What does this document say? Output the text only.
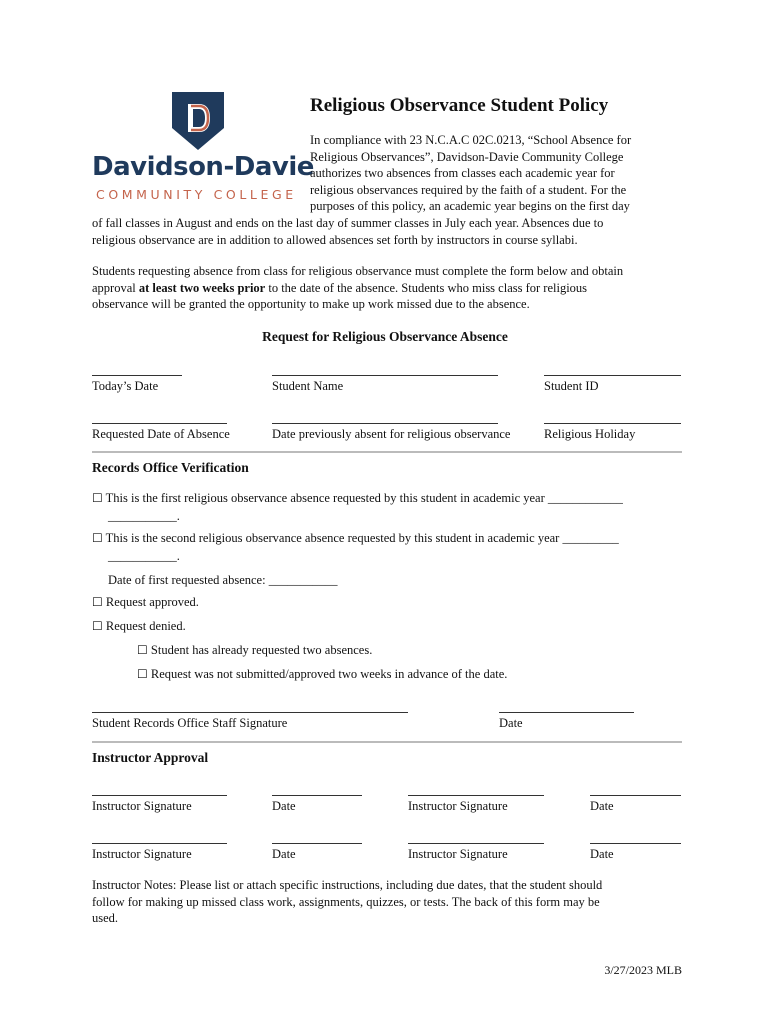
Davidson-Davie
COMMUNITY COLLEGE
Religious Observance Student Policy
In compliance with 23 N.C.A.C 02C.0213, “School Absence for
Religious Observances”, Davidson-Davie Community College
authorizes two absences from classes each academic year for
religious observances required by the faith of a student. For the
purposes of this policy, an academic year begins on the first day
of fall classes in August and ends on the last day of summer classes in July each year. Absences due to
religious observance are in addition to allowed absences set forth by instructors in course syllabi.
Students requesting absence from class for religious observance must complete the form below and obtain
approval at least two weeks prior to the date of the absence. Students who miss class for religious
observance will be granted the opportunity to make up work missed due to the absence.
Request for Religious Observance Absence
Today’s Date	Student Name	Student ID
Requested Date of Absence	Date previously absent for religious observance	Religious Holiday
Records Office Verification
☐ This is the first religious observance absence requested by this student in academic year ____________
___________.
☐ This is the second religious observance absence requested by this student in academic year _________
___________.
Date of first requested absence: ___________
☐ Request approved.
☐ Request denied.
☐ Student has already requested two absences.
☐ Request was not submitted/approved two weeks in advance of the date.
Student Records Office Staff Signature	Date
Instructor Approval
Instructor Signature	Date	Instructor Signature	Date
Instructor Signature	Date	Instructor Signature	Date
Instructor Notes: Please list or attach specific instructions, including due dates, that the student should
follow for making up missed class work, assignments, quizzes, or tests. The back of this form may be
used.
3/27/2023 MLB
